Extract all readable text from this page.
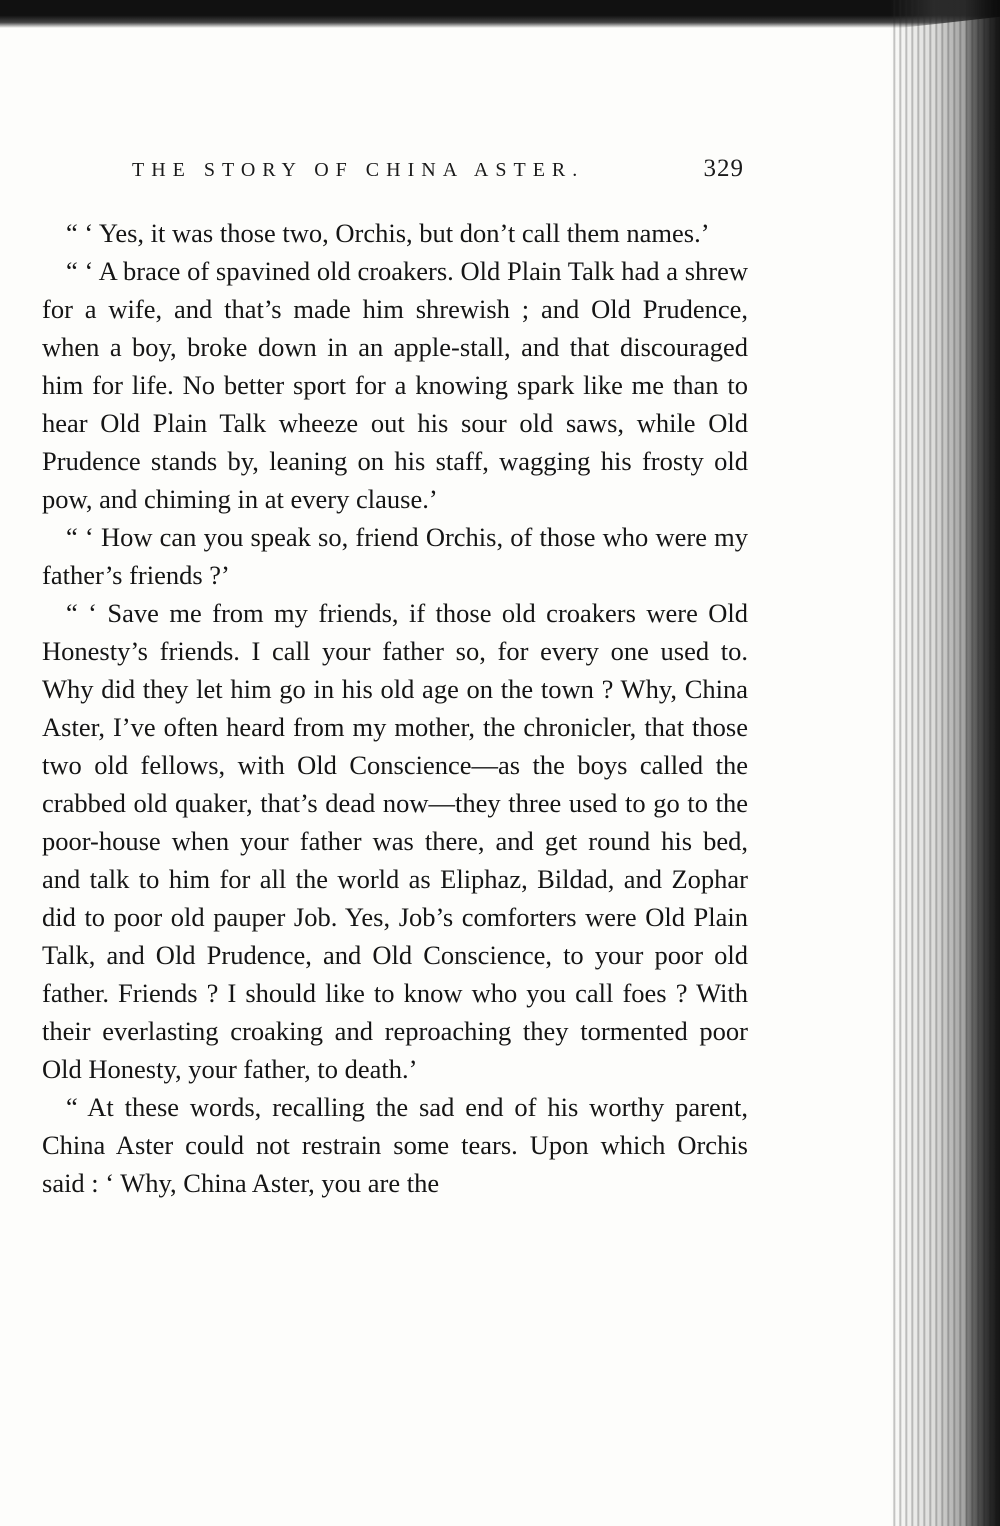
THE STORY OF CHINA ASTER.	329

“ ‘ Yes, it was those two, Orchis, but don’t call them names.’

“ ‘ A brace of spavined old croakers. Old Plain Talk had a shrew for a wife, and that’s made him shrewish ; and Old Prudence, when a boy, broke down in an apple-stall, and that discouraged him for life. No better sport for a knowing spark like me than to hear Old Plain Talk wheeze out his sour old saws, while Old Prudence stands by, leaning on his staff, wagging his frosty old pow, and chiming in at every clause.’

“ ‘ How can you speak so, friend Orchis, of those who were my father’s friends ?’

“ ‘ Save me from my friends, if those old croakers were Old Honesty’s friends. I call your father so, for every one used to. Why did they let him go in his old age on the town ? Why, China Aster, I’ve often heard from my mother, the chronicler, that those two old fellows, with Old Conscience—as the boys called the crabbed old quaker, that’s dead now—they three used to go to the poor-house when your father was there, and get round his bed, and talk to him for all the world as Eliphaz, Bildad, and Zophar did to poor old pauper Job. Yes, Job’s comforters were Old Plain Talk, and Old Prudence, and Old Conscience, to your poor old father. Friends ? I should like to know who you call foes ? With their everlasting croaking and reproaching they tormented poor Old Honesty, your father, to death.’

“ At these words, recalling the sad end of his worthy parent, China Aster could not restrain some tears. Upon which Orchis said : ‘ Why, China Aster, you are the
